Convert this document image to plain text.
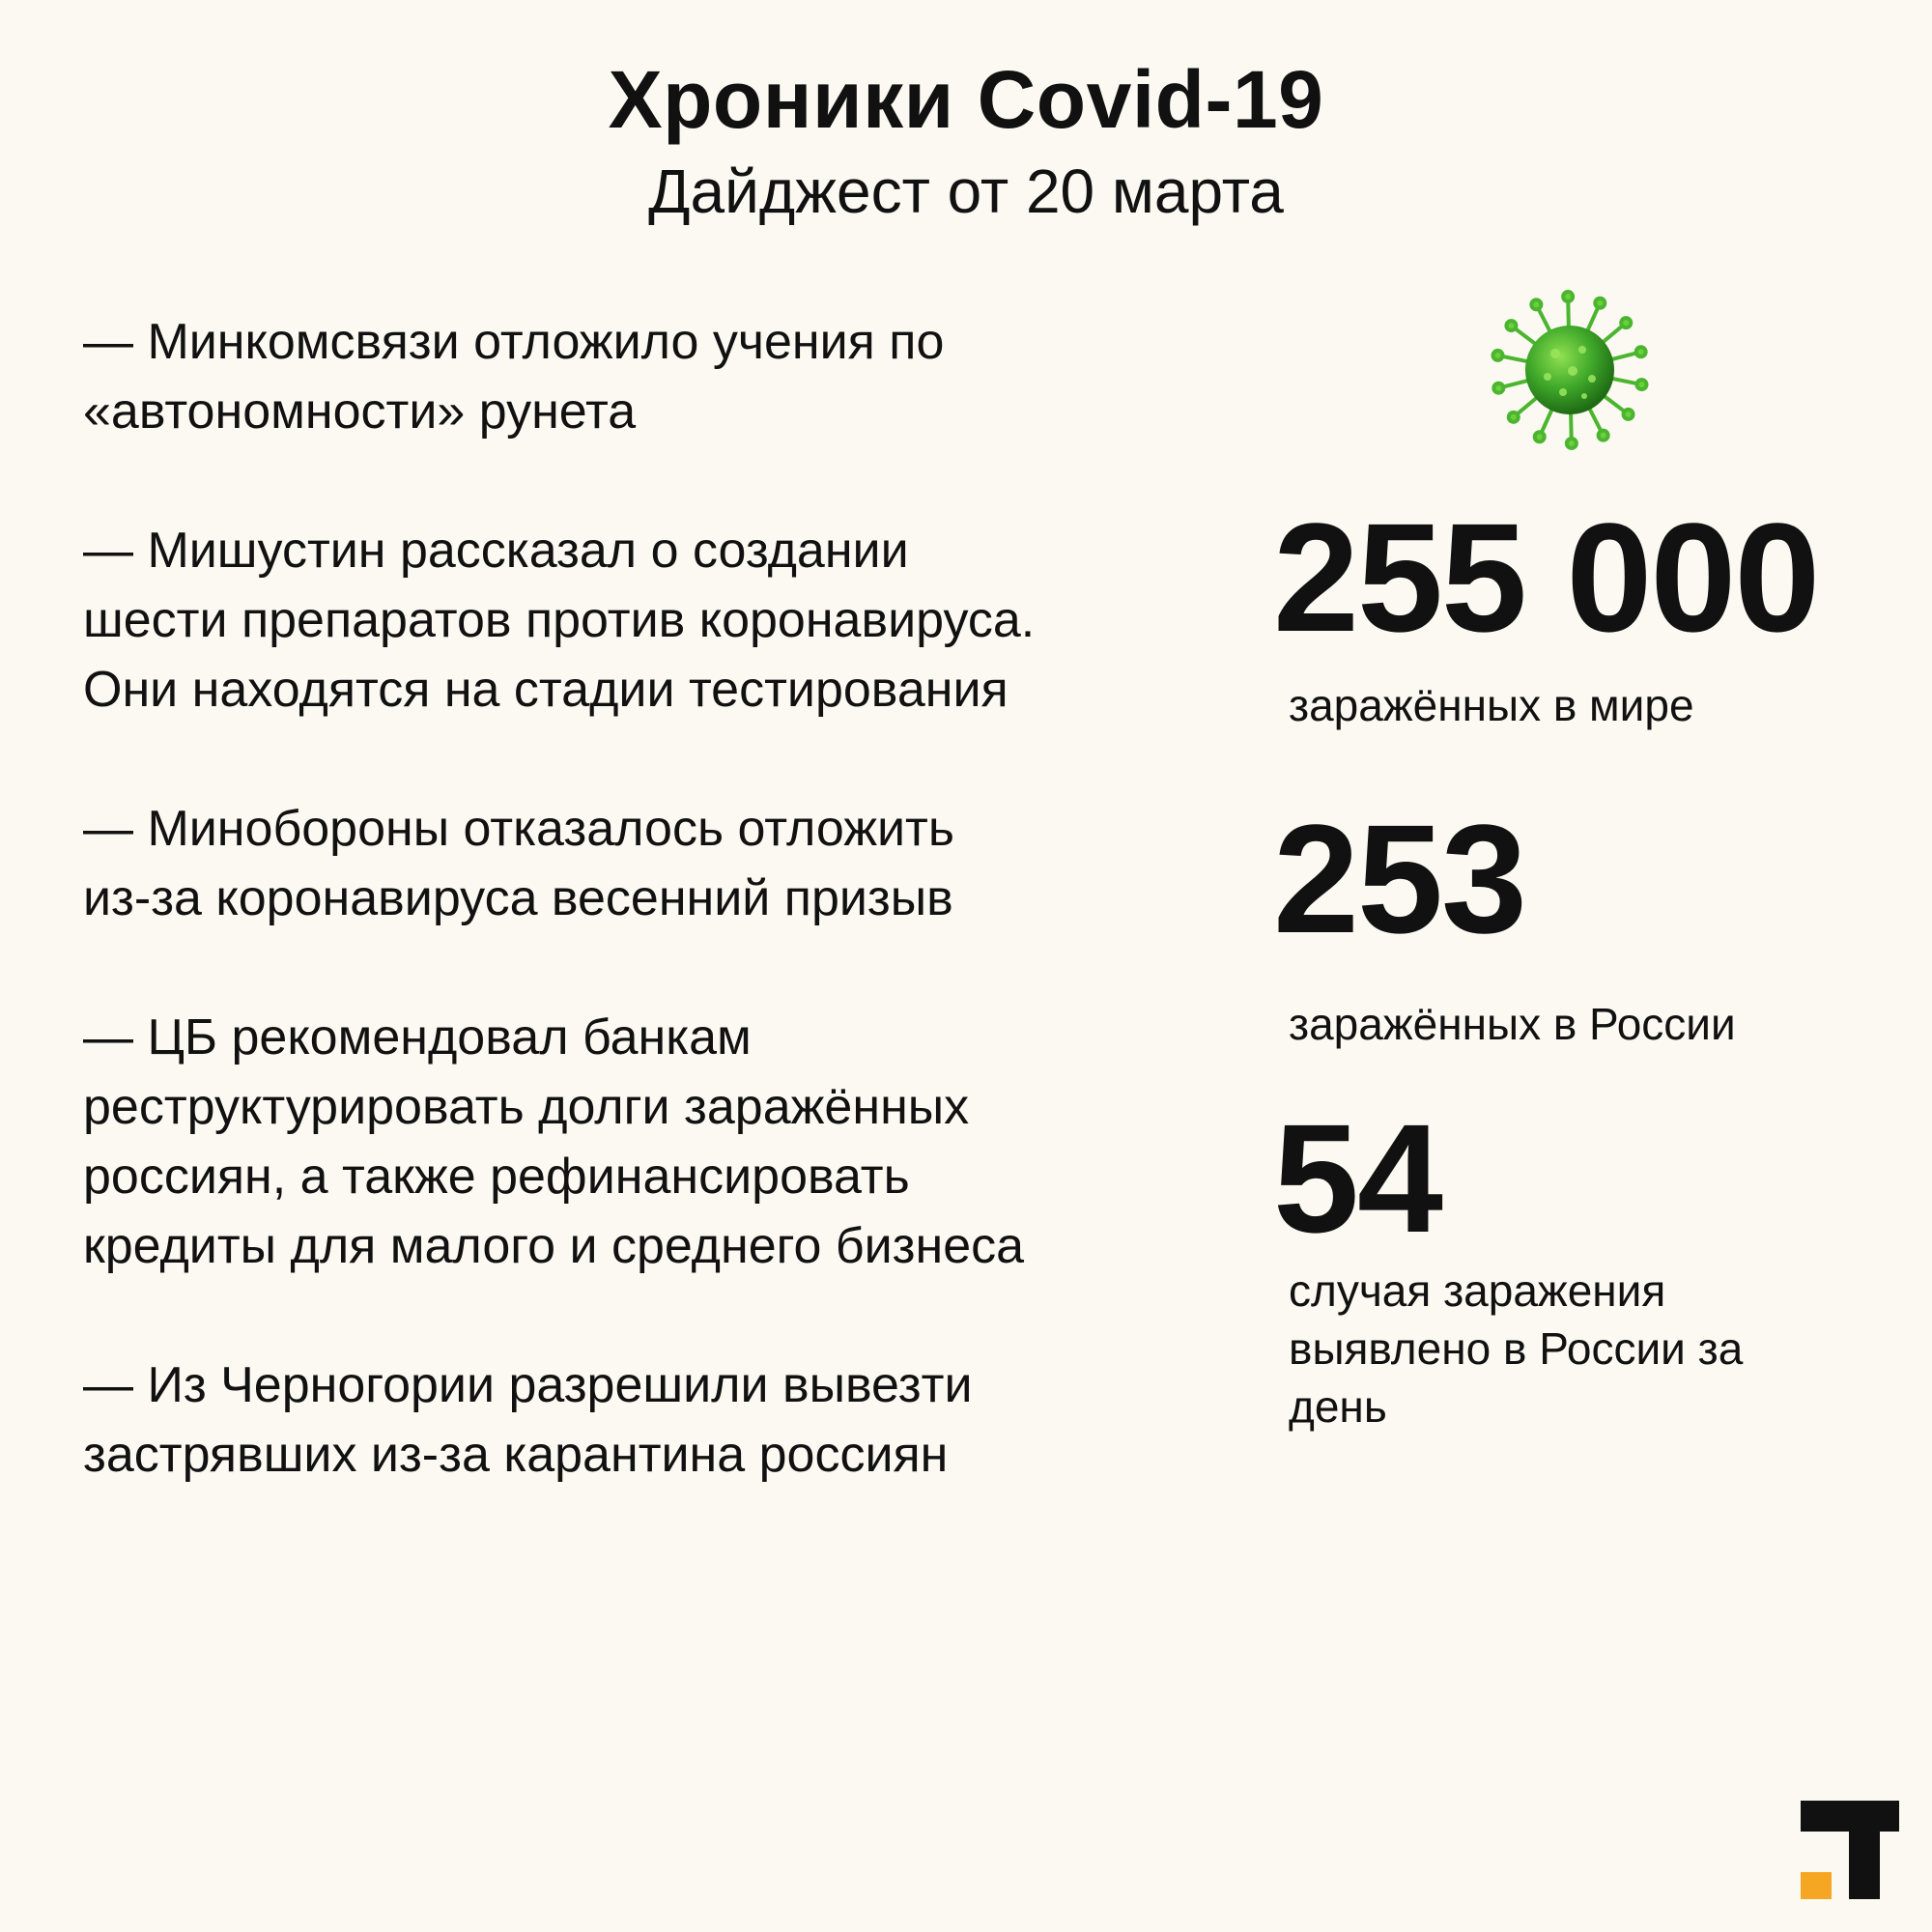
Хроники Covid-19
Дайджест от 20 марта
— Минкомсвязи отложило учения по
«автономности» рунета
— Мишустин рассказал о создании
шести препаратов против коронавируса.
Они находятся на стадии тестирования
— Минобороны отказалось отложить
из-за коронавируса весенний призыв
— ЦБ рекомендовал банкам
реструктурировать долги заражённых
россиян, а также рефинансировать
кредиты для малого и среднего бизнеса
— Из Черногории разрешили вывезти
застрявших из-за карантина россиян
255 000
заражённых в мире
253
заражённых в России
54
случая заражения
выявлено в России за
день
